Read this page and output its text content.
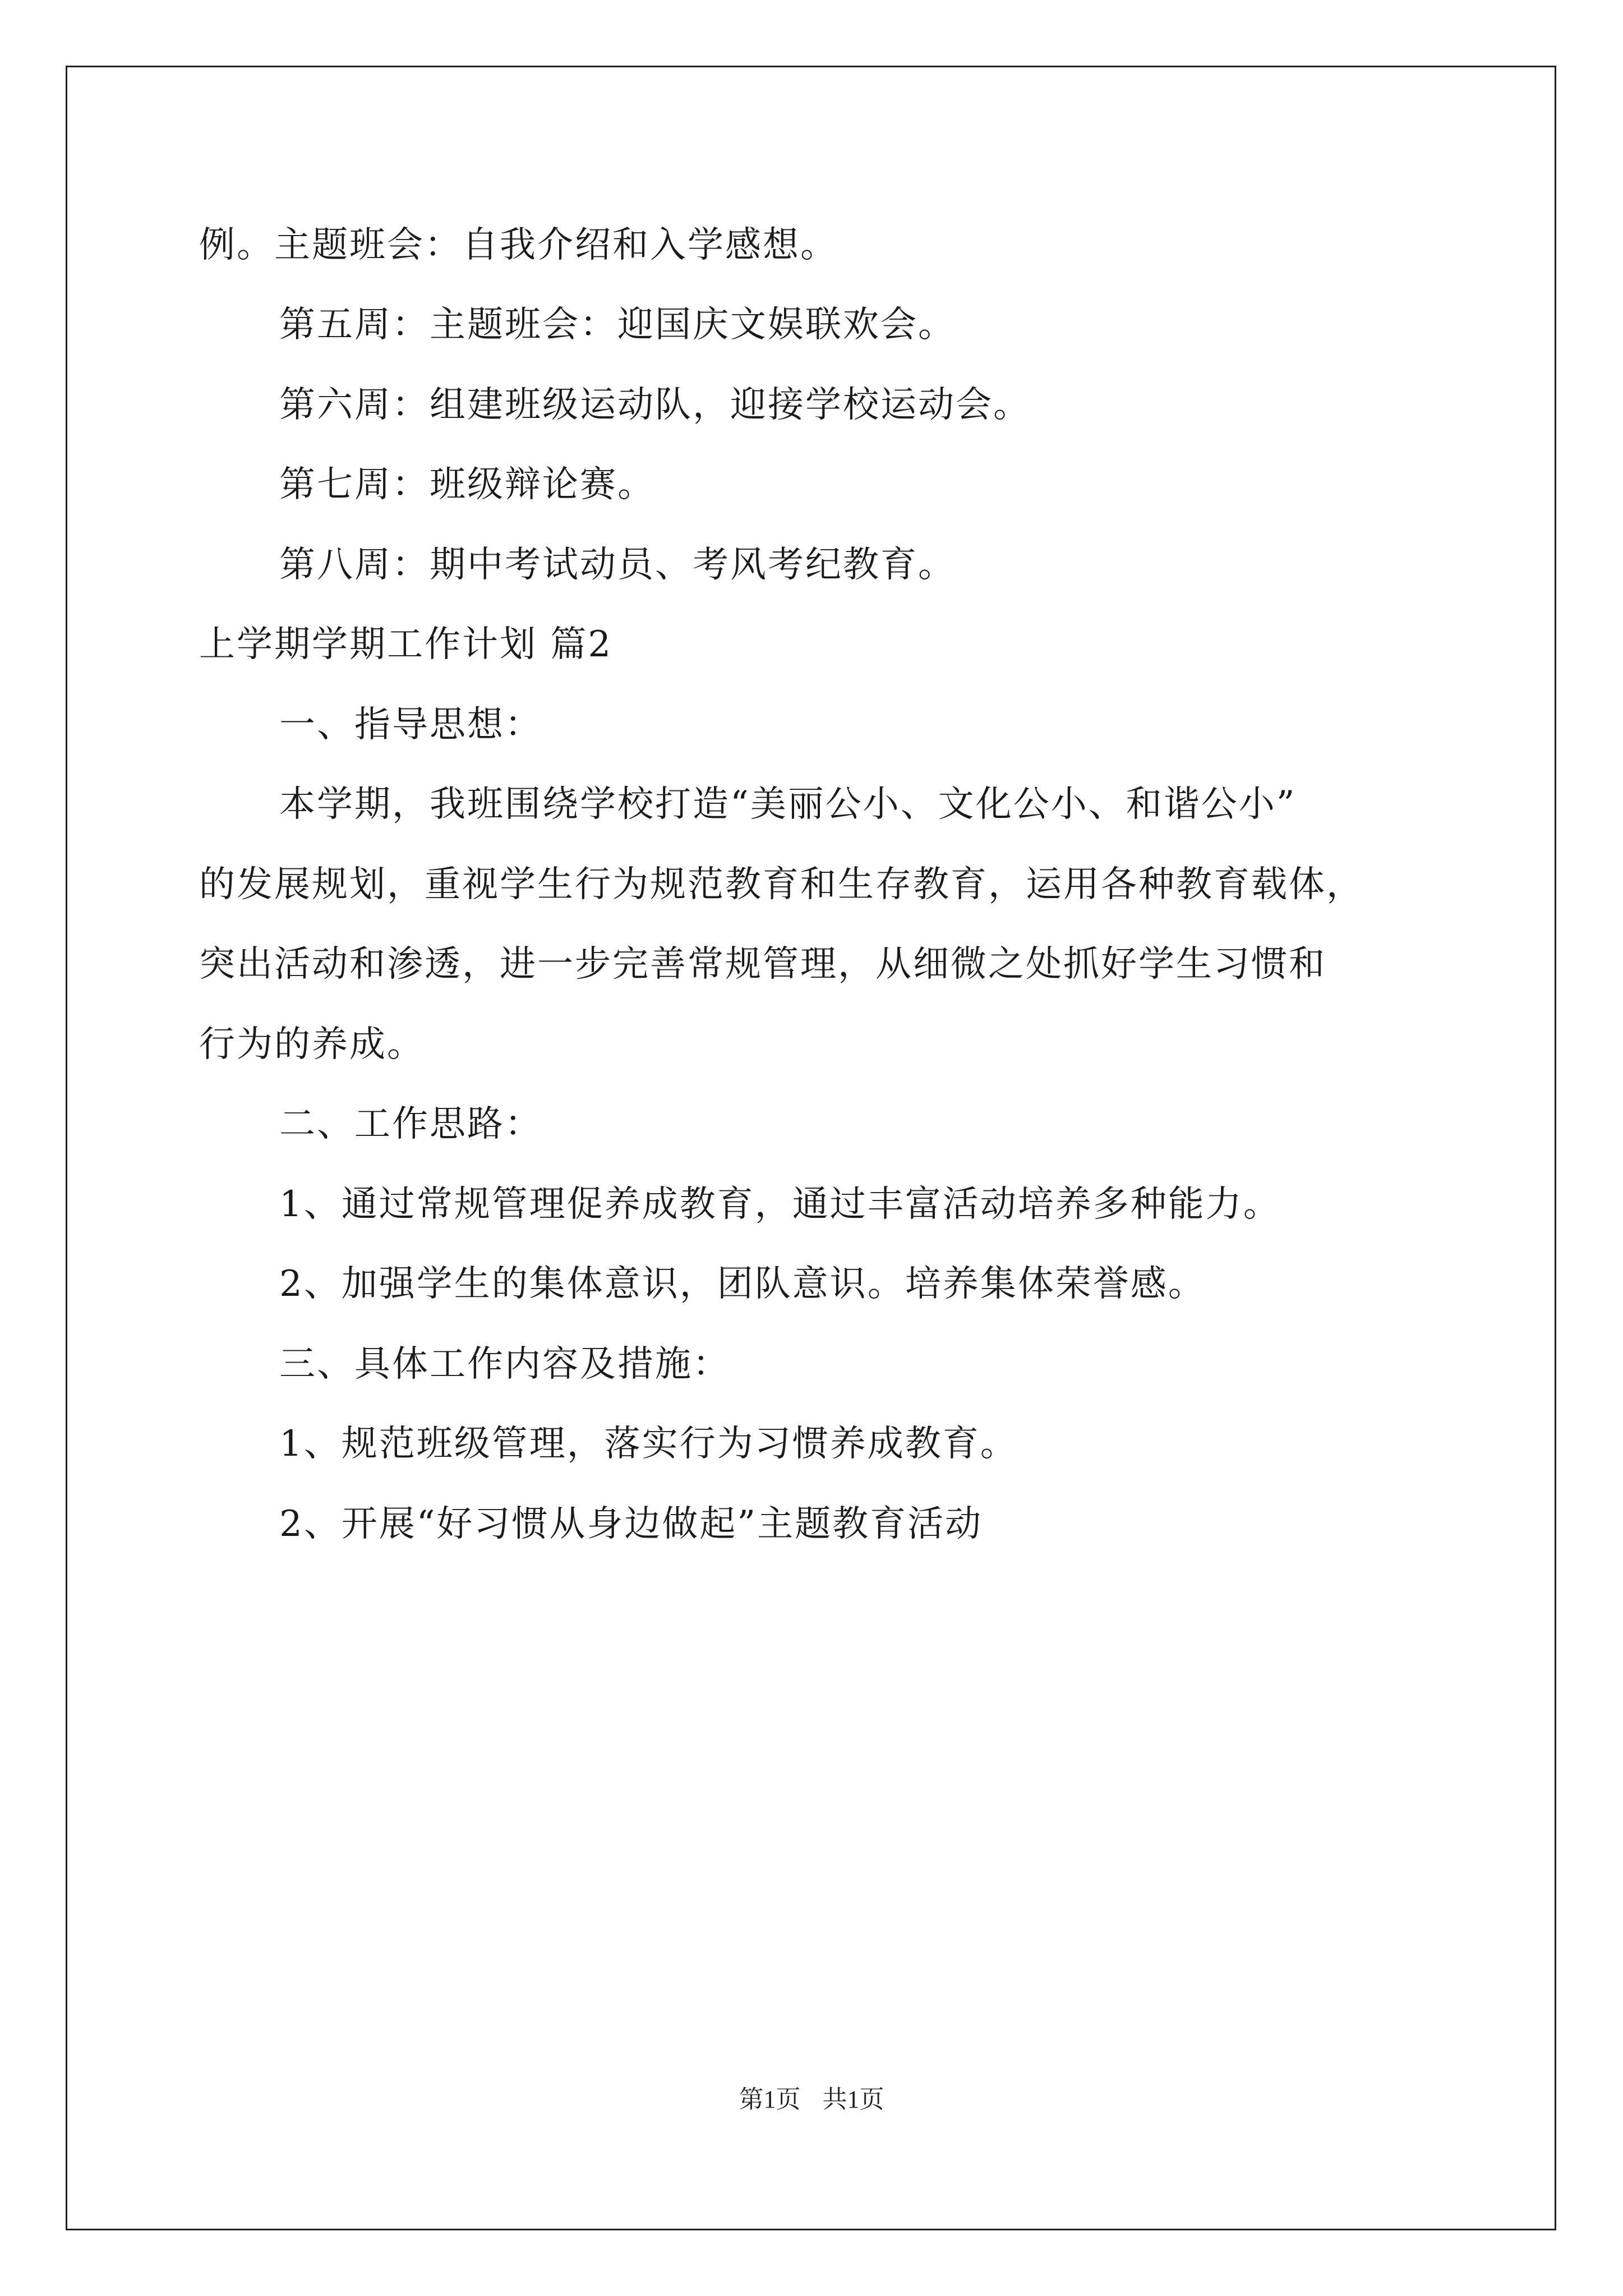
例。主题班会：自我介绍和入学感想。
第五周：主题班会：迎国庆文娱联欢会。
第六周：组建班级运动队，迎接学校运动会。
第七周：班级辩论赛。
第八周：期中考试动员、考风考纪教育。
上学期学期工作计划 篇2
一、指导思想：
本学期，我班围绕学校打造“美丽公小、文化公小、和谐公小”
的发展规划，重视学生行为规范教育和生存教育，运用各种教育载体，
突出活动和渗透，进一步完善常规管理，从细微之处抓好学生习惯和
行为的养成。
二、工作思路：
1、通过常规管理促养成教育，通过丰富活动培养多种能力。
2、加强学生的集体意识，团队意识。培养集体荣誉感。
三、具体工作内容及措施：
1、规范班级管理，落实行为习惯养成教育。
2、开展“好习惯从身边做起”主题教育活动
第1页 共1页
